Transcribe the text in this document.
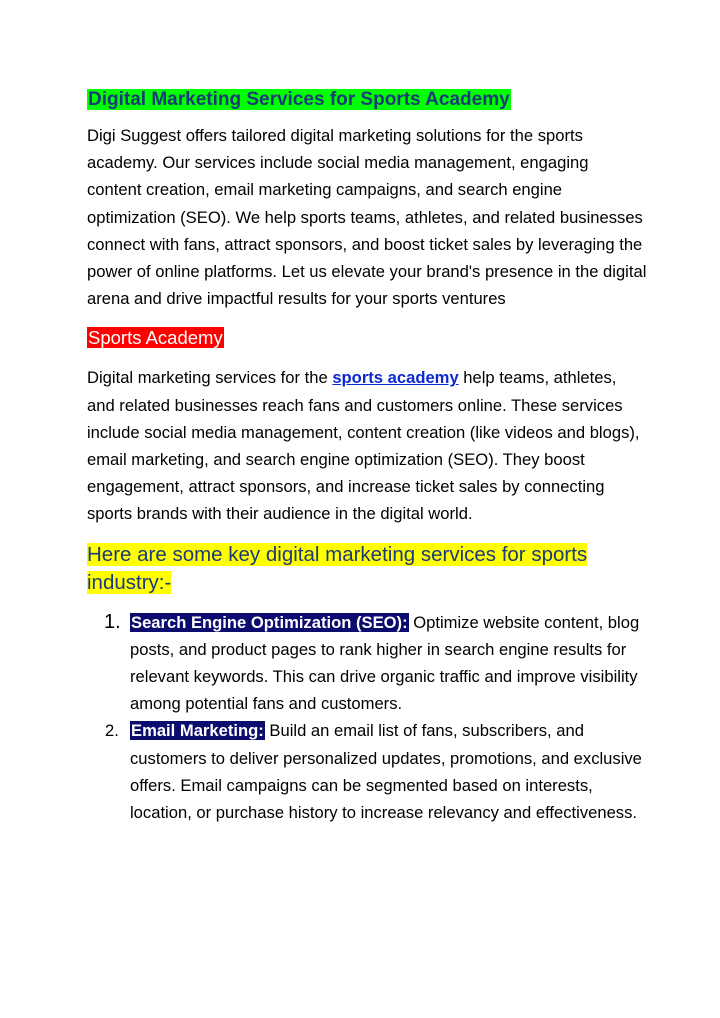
Digital Marketing Services for Sports Academy

Digi Suggest offers tailored digital marketing solutions for the sports academy. Our services include social media management, engaging content creation, email marketing campaigns, and search engine optimization (SEO). We help sports teams, athletes, and related businesses connect with fans, attract sponsors, and boost ticket sales by leveraging the power of online platforms. Let us elevate your brand's presence in the digital arena and drive impactful results for your sports ventures

Sports Academy

Digital marketing services for the sports academy help teams, athletes, and related businesses reach fans and customers online. These services include social media management, content creation (like videos and blogs), email marketing, and search engine optimization (SEO). They boost engagement, attract sponsors, and increase ticket sales by connecting sports brands with their audience in the digital world.

Here are some key digital marketing services for sports industry:-
1. Search Engine Optimization (SEO): Optimize website content, blog posts, and product pages to rank higher in search engine results for relevant keywords. This can drive organic traffic and improve visibility among potential fans and customers.
2. Email Marketing: Build an email list of fans, subscribers, and customers to deliver personalized updates, promotions, and exclusive offers. Email campaigns can be segmented based on interests, location, or purchase history to increase relevancy and effectiveness.
